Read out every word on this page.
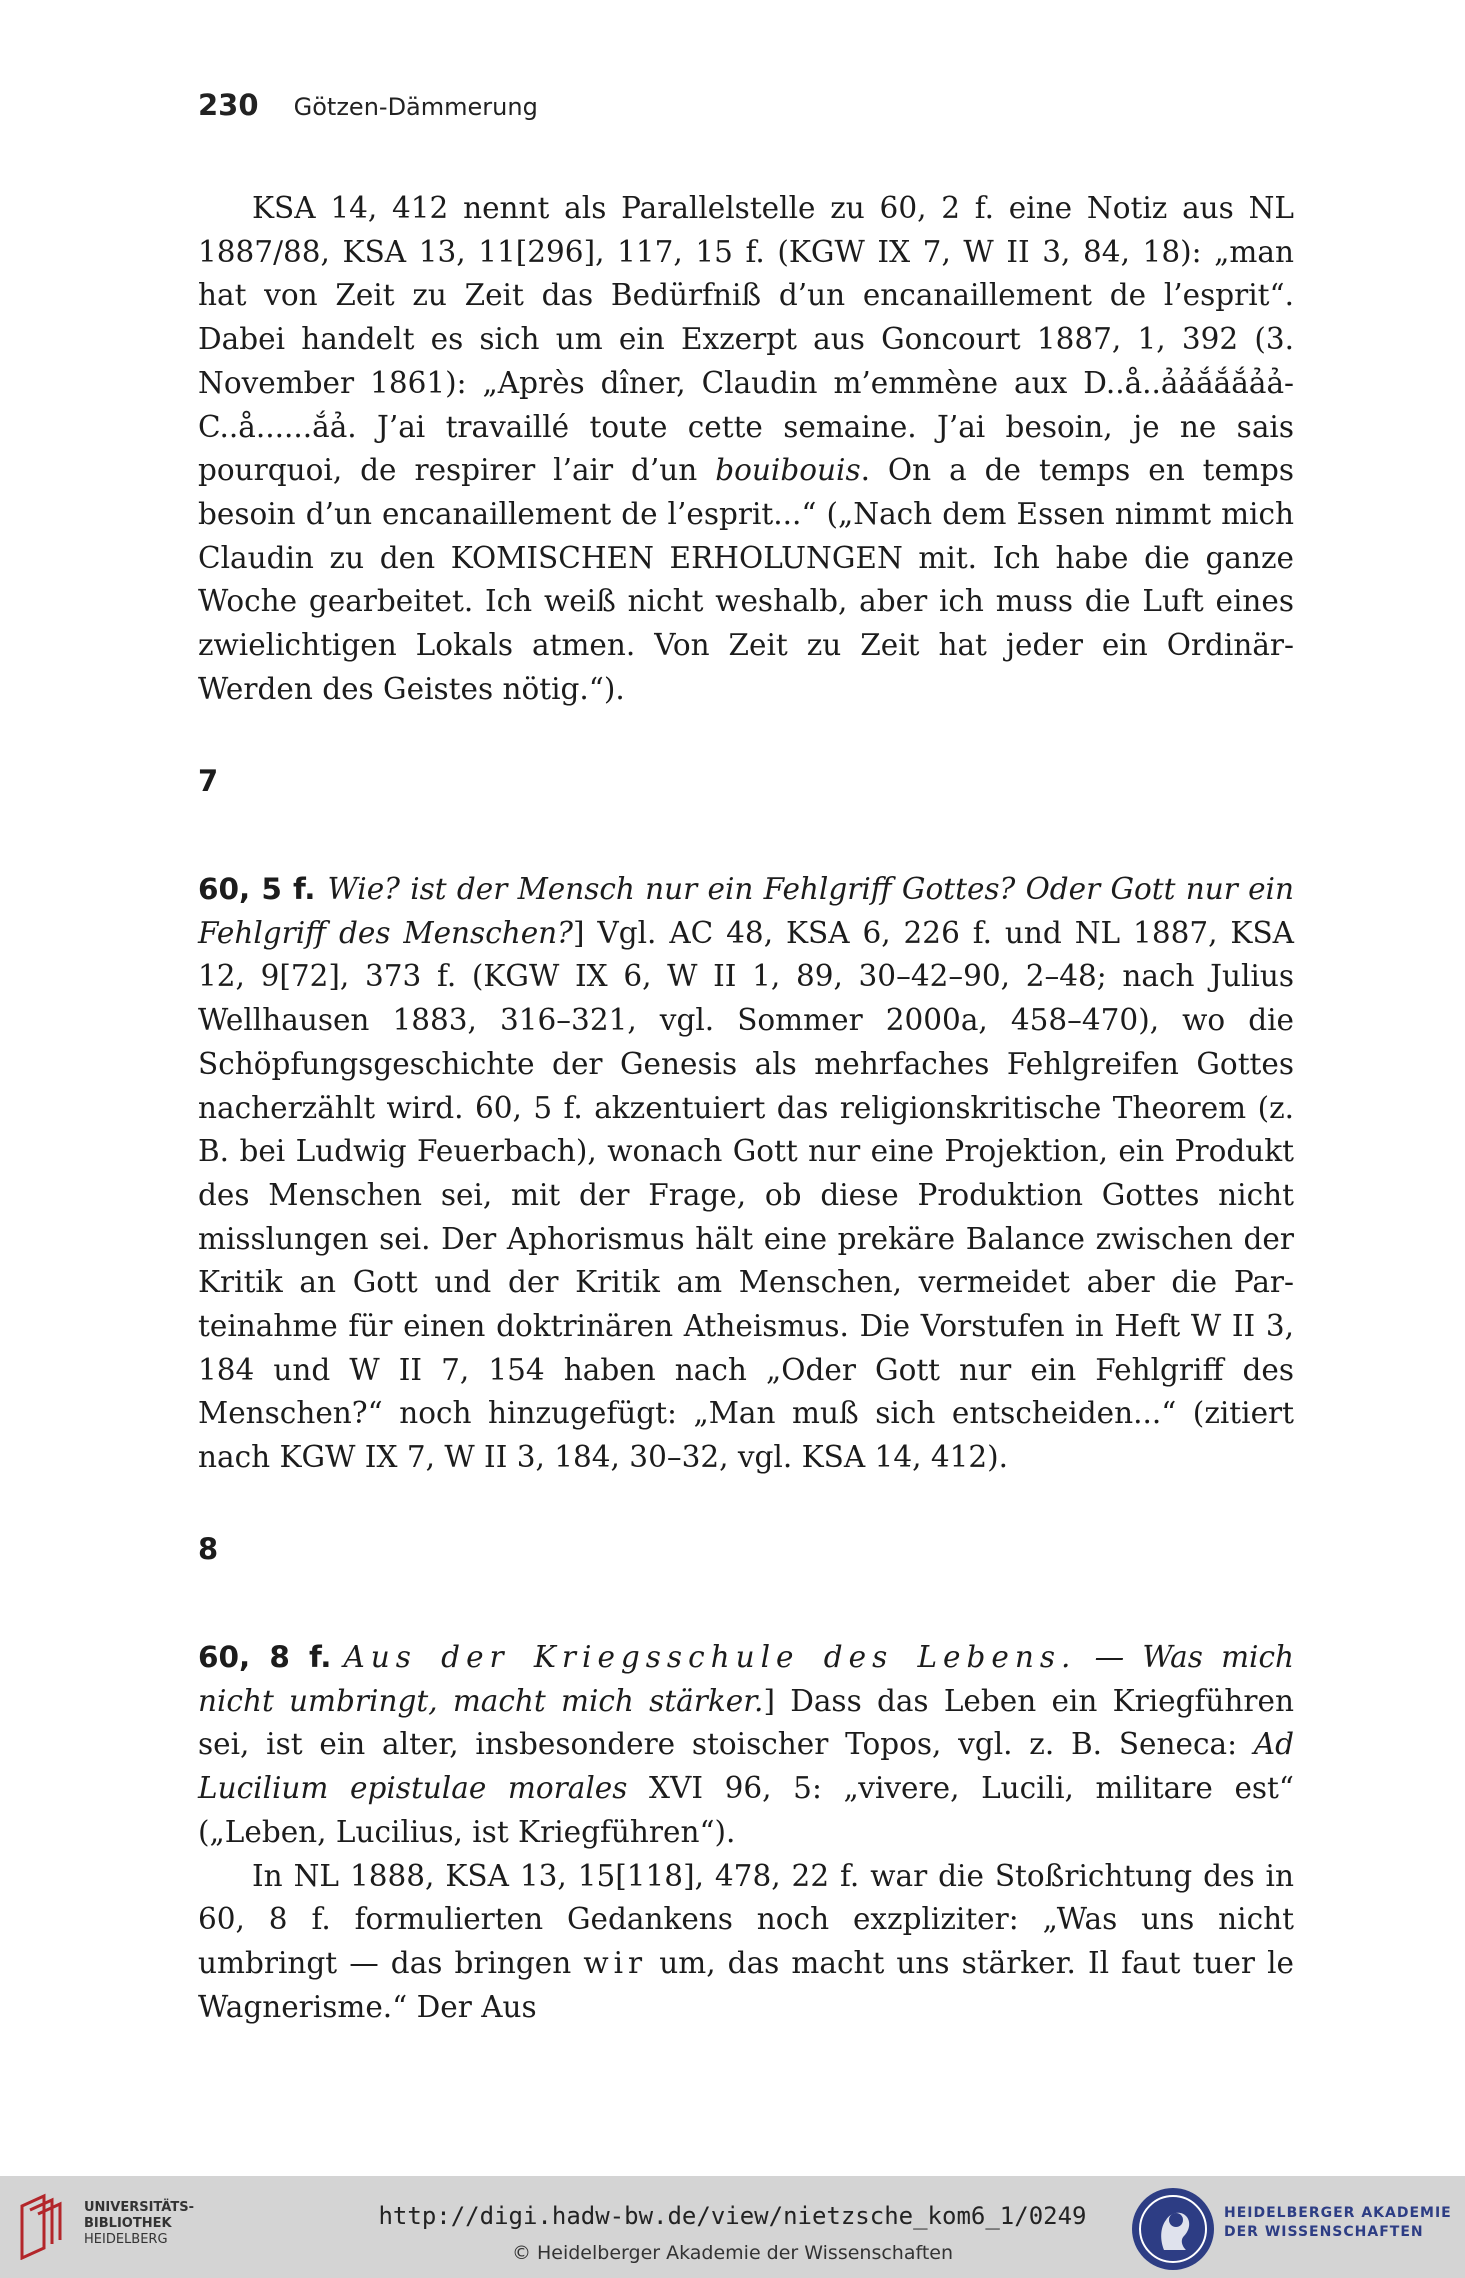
230 Götzen-Dämmerung

KSA 14, 412 nennt als Parallelstelle zu 60, 2 f. eine Notiz aus NL 1887/88, KSA 13, 11[296], 117, 15 f. (KGW IX 7, W II 3, 84, 18): „man hat von Zeit zu Zeit das Bedürfniß d’un encanaillement de l’esprit“. Dabei handelt es sich um ein Exzerpt aus Goncourt 1887, 1, 392 (3. November 1861): „Après dîner, Claudin m’emmène aux D..å..ảảắắắảả-C..å......ắả. J’ai travaillé toute cette semaine. J’ai besoin, je ne sais pourquoi, de respirer l’air d’un bouibouis. On a de temps en temps besoin d’un encanaillement de l’esprit...“ („Nach dem Essen nimmt mich Claudin zu den KOMISCHEN ERHOLUNGEN mit. Ich habe die ganze Woche gearbeitet. Ich weiß nicht weshalb, aber ich muss die Luft eines zwielichtigen Lokals atmen. Von Zeit zu Zeit hat jeder ein Ordinär-Werden des Geistes nötig.“).

7

60, 5 f. Wie? ist der Mensch nur ein Fehlgriff Gottes? Oder Gott nur ein Fehlgriff des Menschen?] Vgl. AC 48, KSA 6, 226 f. und NL 1887, KSA 12, 9[72], 373 f. (KGW IX 6, W II 1, 89, 30–42–90, 2–48; nach Julius Wellhausen 1883, 316–321, vgl. Sommer 2000a, 458–470), wo die Schöpfungsgeschichte der Genesis als mehrfaches Fehlgreifen Gottes nacherzählt wird. 60, 5 f. akzentuiert das religionskritische Theorem (z. B. bei Ludwig Feuerbach), wonach Gott nur eine Projektion, ein Produkt des Menschen sei, mit der Frage, ob diese Produktion Gottes nicht misslungen sei. Der Aphorismus hält eine prekäre Balance zwischen der Kritik an Gott und der Kritik am Menschen, vermeidet aber die Parteinahme für einen doktrinären Atheismus. Die Vorstufen in Heft W II 3, 184 und W II 7, 154 haben nach „Oder Gott nur ein Fehlgriff des Menschen?“ noch hinzugefügt: „Man muß sich entscheiden...“ (zitiert nach KGW IX 7, W II 3, 184, 30–32, vgl. KSA 14, 412).

8

60, 8 f. Aus der Kriegsschule des Lebens. — Was mich nicht umbringt, macht mich stärker.] Dass das Leben ein Kriegführen sei, ist ein alter, insbesondere stoischer Topos, vgl. z. B. Seneca: Ad Lucilium epistulae morales XVI 96, 5: „vivere, Lucili, militare est“ („Leben, Lucilius, ist Kriegführen“).

In NL 1888, KSA 13, 15[118], 478, 22 f. war die Stoßrichtung des in 60, 8 f. formulierten Gedankens noch exzpliziter: „Was uns nicht umbringt — das bringen wir um, das macht uns stärker. Il faut tuer le Wagnerisme.“ Der Aus

UNIVERSITÄTS-
BIBLIOTHEK
HEIDELBERG
http://digi.hadw-bw.de/view/nietzsche_kom6_1/0249
© Heidelberger Akademie der Wissenschaften
HEIDELBERGER AKADEMIE
DER WISSENSCHAFTEN
